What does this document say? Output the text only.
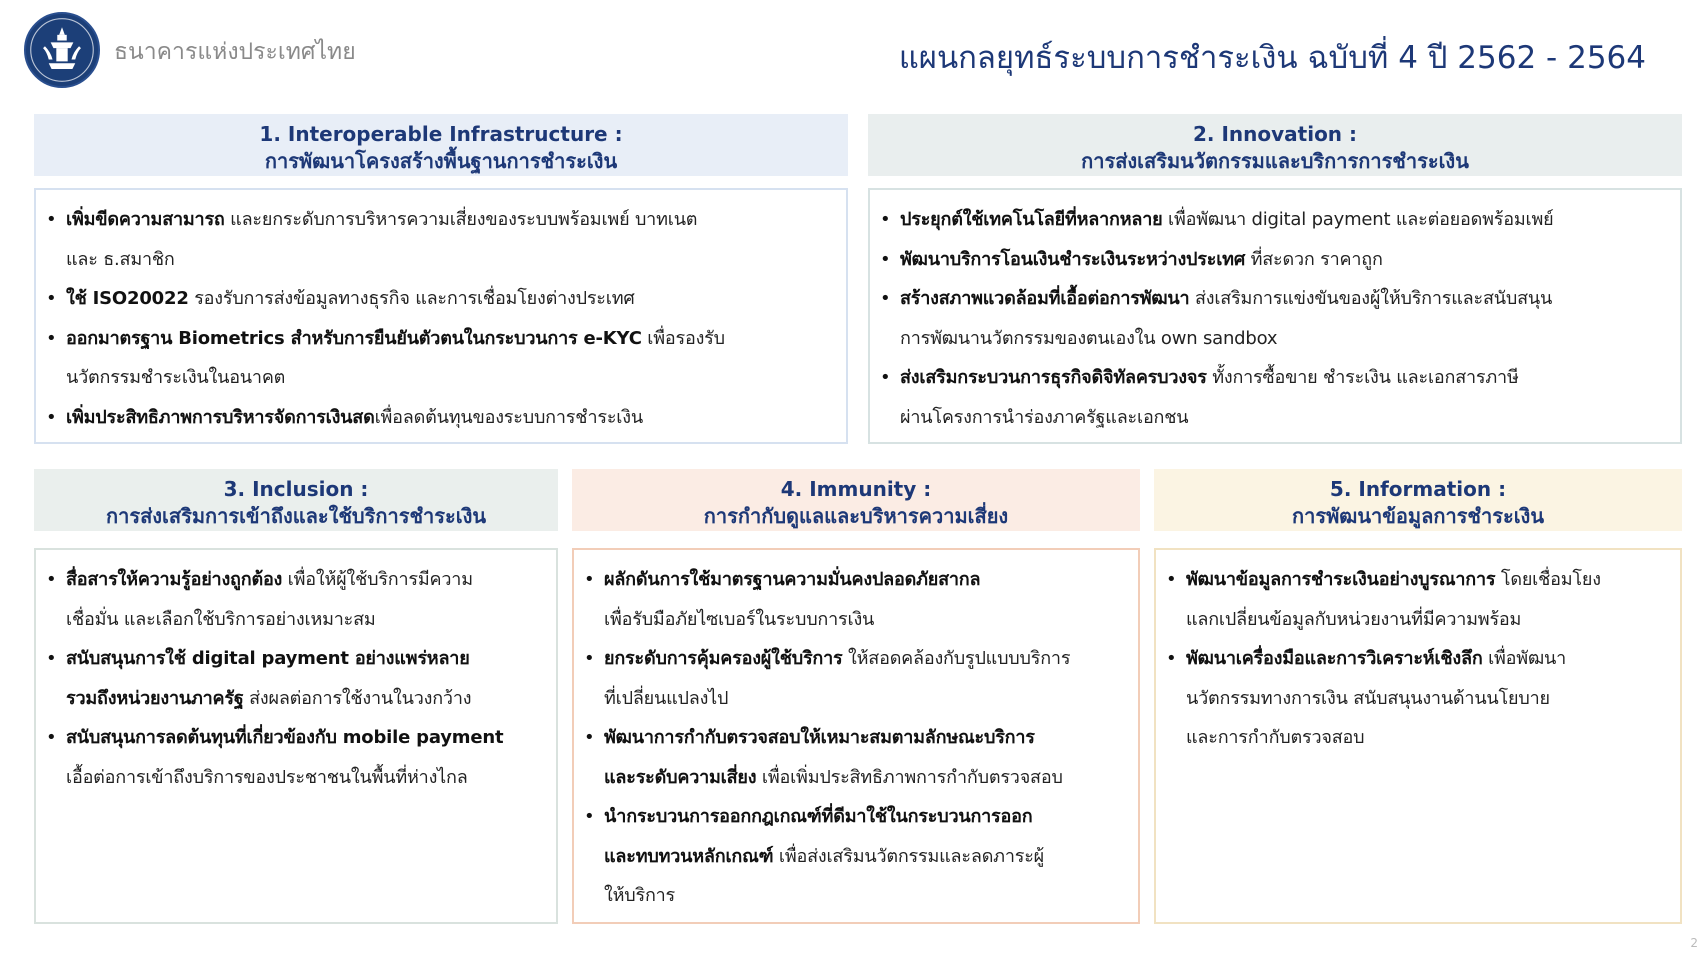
ธนาคารแห่งประเทศไทย	แผนกลยุทธ์ระบบการชำระเงิน ฉบับที่ 4 ปี 2562 - 2564
1. Interoperable Infrastructure :
การพัฒนาโครงสร้างพื้นฐานการชำระเงิน
• เพิ่มขีดความสามารถ และยกระดับการบริหารความเสี่ยงของระบบพร้อมเพย์ บาทเนต
และ ธ.สมาชิก
• ใช้ ISO20022 รองรับการส่งข้อมูลทางธุรกิจ และการเชื่อมโยงต่างประเทศ
• ออกมาตรฐาน Biometrics สำหรับการยืนยันตัวตนในกระบวนการ e-KYC เพื่อรองรับ
นวัตกรรมชำระเงินในอนาคต
• เพิ่มประสิทธิภาพการบริหารจัดการเงินสดเพื่อลดต้นทุนของระบบการชำระเงิน
2. Innovation :
การส่งเสริมนวัตกรรมและบริการการชำระเงิน
• ประยุกต์ใช้เทคโนโลยีที่หลากหลาย เพื่อพัฒนา digital payment และต่อยอดพร้อมเพย์
• พัฒนาบริการโอนเงินชำระเงินระหว่างประเทศ ที่สะดวก ราคาถูก
• สร้างสภาพแวดล้อมที่เอื้อต่อการพัฒนา ส่งเสริมการแข่งขันของผู้ให้บริการและสนับสนุน
การพัฒนานวัตกรรมของตนเองใน own sandbox
• ส่งเสริมกระบวนการธุรกิจดิจิทัลครบวงจร ทั้งการซื้อขาย ชำระเงิน และเอกสารภาษี
ผ่านโครงการนำร่องภาครัฐและเอกชน
3. Inclusion :
การส่งเสริมการเข้าถึงและใช้บริการชำระเงิน
• สื่อสารให้ความรู้อย่างถูกต้อง เพื่อให้ผู้ใช้บริการมีความ
เชื่อมั่น และเลือกใช้บริการอย่างเหมาะสม
• สนับสนุนการใช้ digital payment อย่างแพร่หลาย
รวมถึงหน่วยงานภาครัฐ ส่งผลต่อการใช้งานในวงกว้าง
• สนับสนุนการลดต้นทุนที่เกี่ยวข้องกับ mobile payment
เอื้อต่อการเข้าถึงบริการของประชาชนในพื้นที่ห่างไกล
4. Immunity :
การกำกับดูแลและบริหารความเสี่ยง
• ผลักดันการใช้มาตรฐานความมั่นคงปลอดภัยสากล
เพื่อรับมือภัยไซเบอร์ในระบบการเงิน
• ยกระดับการคุ้มครองผู้ใช้บริการ ให้สอดคล้องกับรูปแบบบริการ
ที่เปลี่ยนแปลงไป
• พัฒนาการกำกับตรวจสอบให้เหมาะสมตามลักษณะบริการ
และระดับความเสี่ยง เพื่อเพิ่มประสิทธิภาพการกำกับตรวจสอบ
• นำกระบวนการออกกฎเกณฑ์ที่ดีมาใช้ในกระบวนการออก
และทบทวนหลักเกณฑ์ เพื่อส่งเสริมนวัตกรรมและลดภาระผู้
ให้บริการ
5. Information :
การพัฒนาข้อมูลการชำระเงิน
• พัฒนาข้อมูลการชำระเงินอย่างบูรณาการ โดยเชื่อมโยง
แลกเปลี่ยนข้อมูลกับหน่วยงานที่มีความพร้อม
• พัฒนาเครื่องมือและการวิเคราะห์เชิงลึก เพื่อพัฒนา
นวัตกรรมทางการเงิน สนับสนุนงานด้านนโยบาย
และการกำกับตรวจสอบ
2
